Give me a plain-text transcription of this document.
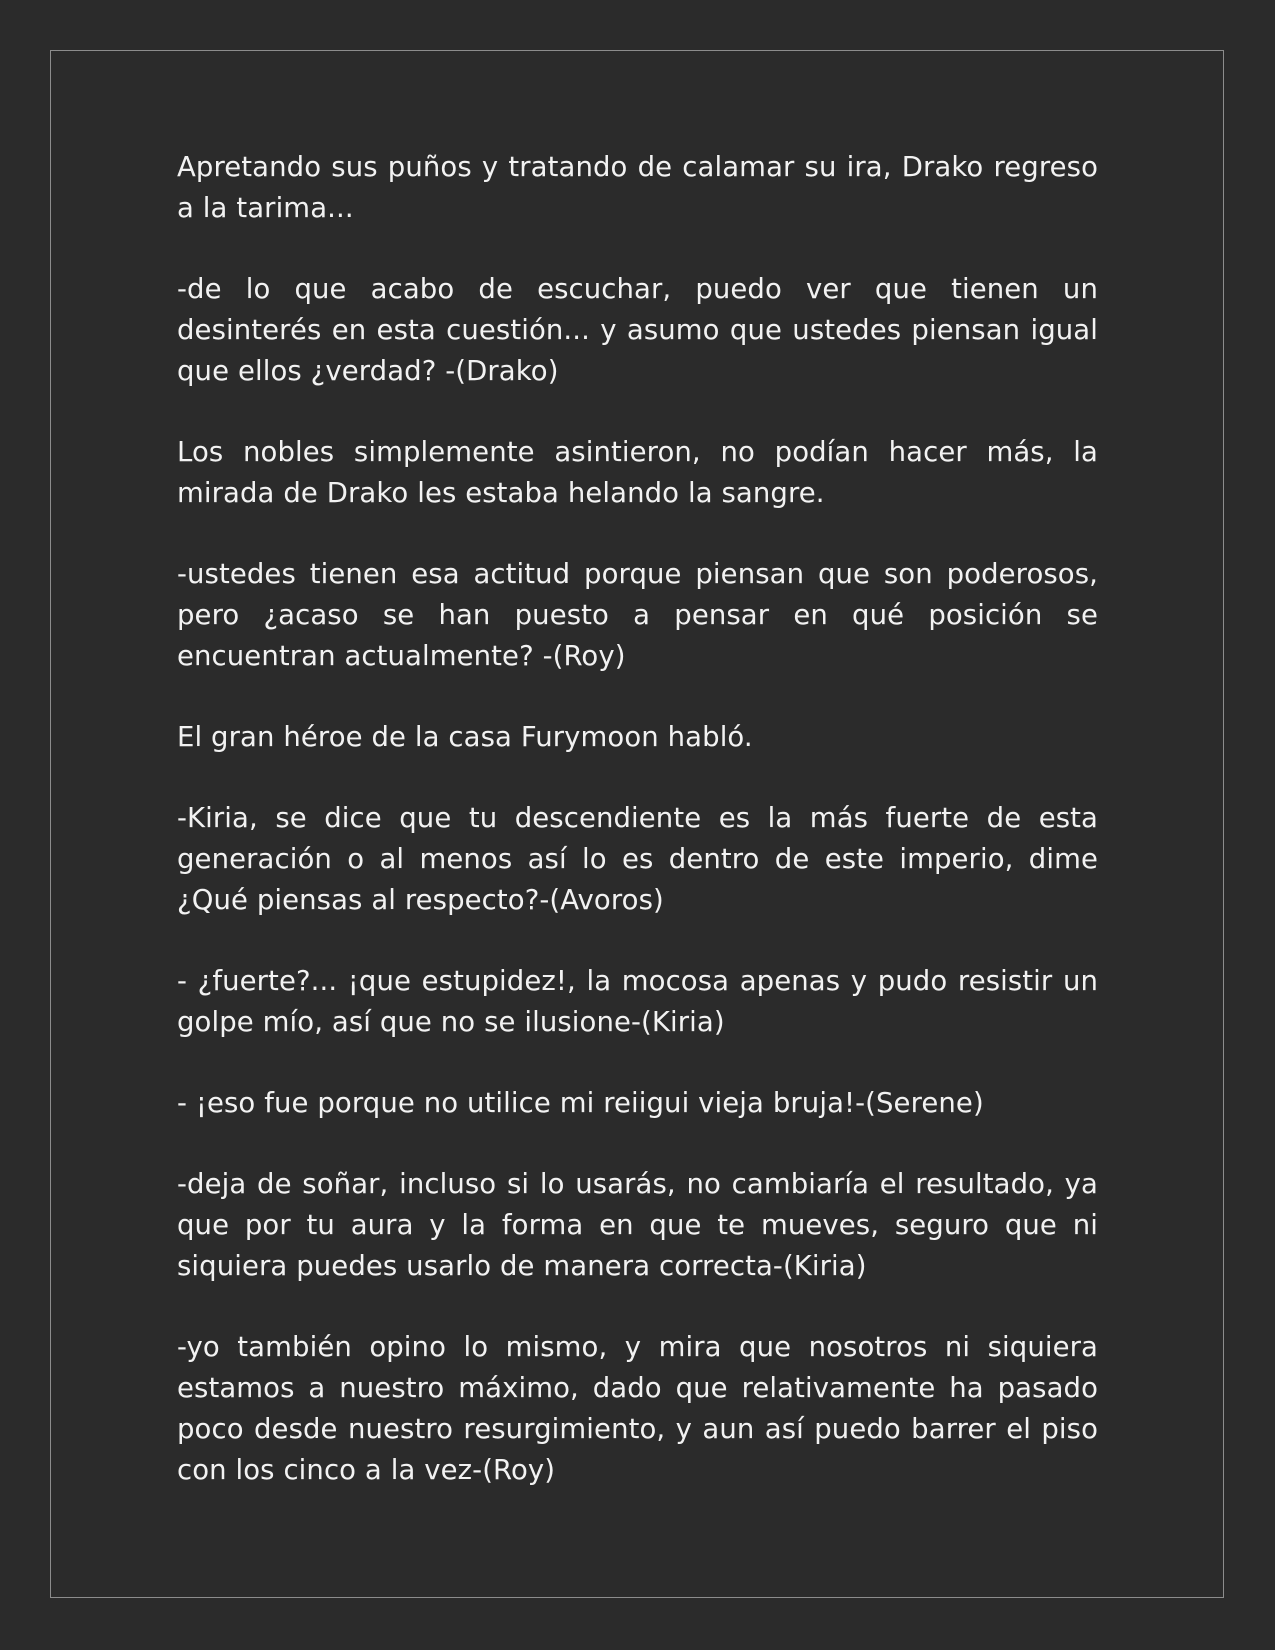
Apretando sus puños y tratando de calamar su ira, Drako regreso a la tarima...

-de lo que acabo de escuchar, puedo ver que tienen un desinterés en esta cuestión... y asumo que ustedes piensan igual que ellos ¿verdad? -(Drako)

Los nobles simplemente asintieron, no podían hacer más, la mirada de Drako les estaba helando la sangre.

-ustedes tienen esa actitud porque piensan que son poderosos, pero ¿acaso se han puesto a pensar en qué posición se encuentran actualmente? -(Roy)

El gran héroe de la casa Furymoon habló.

-Kiria, se dice que tu descendiente es la más fuerte de esta generación o al menos así lo es dentro de este imperio, dime ¿Qué piensas al respecto?-(Avoros)

- ¿fuerte?... ¡que estupidez!, la mocosa apenas y pudo resistir un golpe mío, así que no se ilusione-(Kiria)

- ¡eso fue porque no utilice mi reiigui vieja bruja!-(Serene)

-deja de soñar, incluso si lo usarás, no cambiaría el resultado, ya que por tu aura y la forma en que te mueves, seguro que ni siquiera puedes usarlo de manera correcta-(Kiria)

-yo también opino lo mismo, y mira que nosotros ni siquiera estamos a nuestro máximo, dado que relativamente ha pasado poco desde nuestro resurgimiento, y aun así puedo barrer el piso con los cinco a la vez-(Roy)
